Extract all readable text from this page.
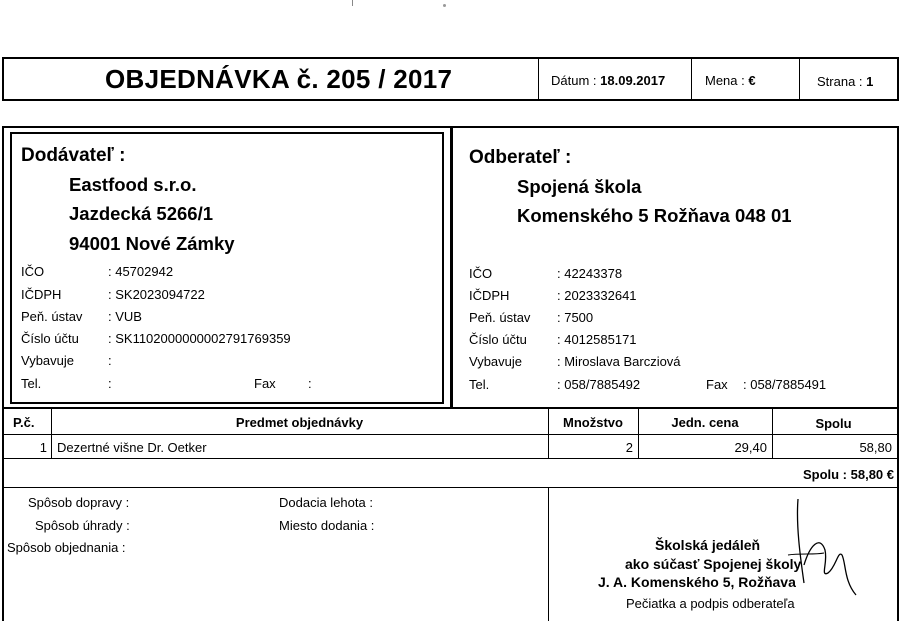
OBJEDNÁVKA č. 205 / 2017	Dátum : 18.09.2017	Mena : €	Strana : 1
Dodávateľ :
Eastfood s.r.o.
Jazdecká 5266/1
94001 Nové Zámky
IČO	: 45702942
IČDPH	: SK2023094722
Peň. ústav : VUB
Číslo účtu : SK1102000000002791769359
Vybavuje	:
Tel.	:	Fax :
Odberateľ :
Spojená škola
Komenského 5 Rožňava 048 01
IČO	: 42243378
IČDPH	: 2023332641
Peň. ústav : 7500
Číslo účtu : 4012585171
Vybavuje	: Miroslava Barcziová
Tel.	: 058/7885492	Fax : 058/7885491
P.č.	Predmet objednávky	Množstvo	Jedn. cena	Spolu
1 Dezertné višne Dr. Oetker	2	29,40	58,80
Spolu : 58,80 €
Spôsob dopravy :
Spôsob úhrady :
Spôsob objednania :
Dodacia lehota :
Miesto dodania :
Školská jedáleň
ako súčasť Spojenej školy
J. A. Komenského 5, Rožňava
Pečiatka a podpis odberateľa
